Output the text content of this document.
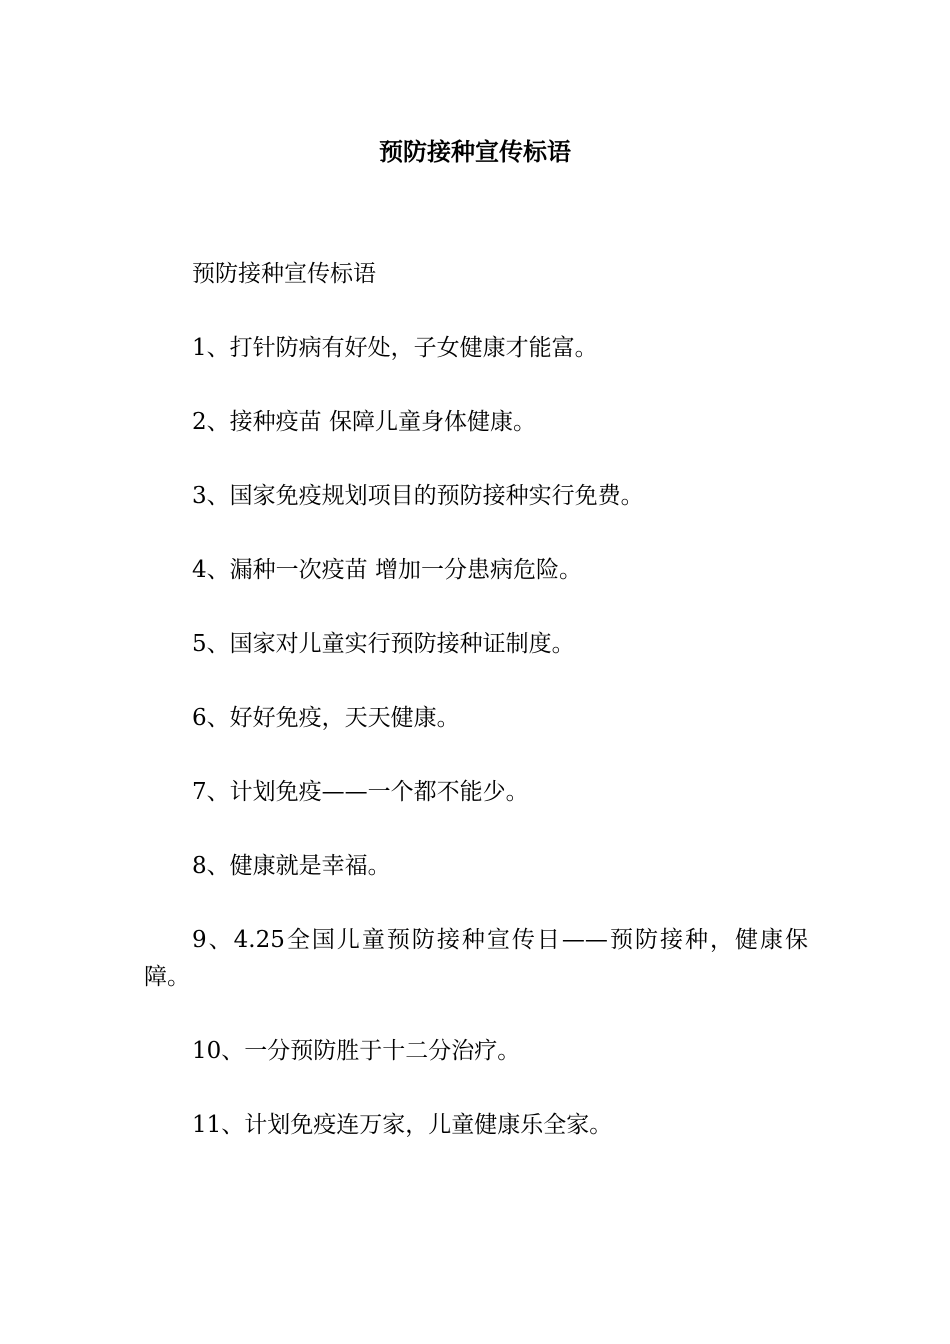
预防接种宣传标语

预防接种宣传标语

1、打针防病有好处，子女健康才能富。

2、接种疫苗 保障儿童身体健康。

3、国家免疫规划项目的预防接种实行免费。

4、漏种一次疫苗 增加一分患病危险。

5、国家对儿童实行预防接种证制度。

6、好好免疫，天天健康。

7、计划免疫——一个都不能少。

8、健康就是幸福。

9、4.25全国儿童预防接种宣传日——预防接种，健康保障。

10、一分预防胜于十二分治疗。

11、计划免疫连万家，儿童健康乐全家。
